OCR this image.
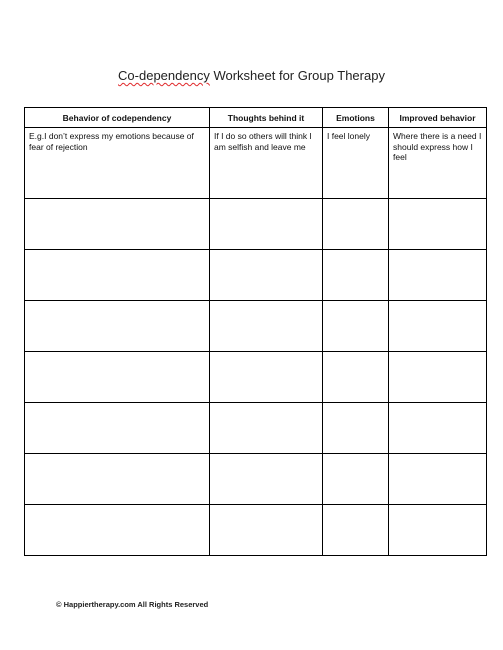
Co-dependency Worksheet for Group Therapy
Behavior of codependency	Thoughts behind it	Emotions	Improved behavior

E.g.I don’t express my emotions because of fear of rejection	If I do so others will think I am selfish and leave me	I feel lonely	Where there is a need I should express how I feel

© Happiertherapy.com All Rights Reserved
